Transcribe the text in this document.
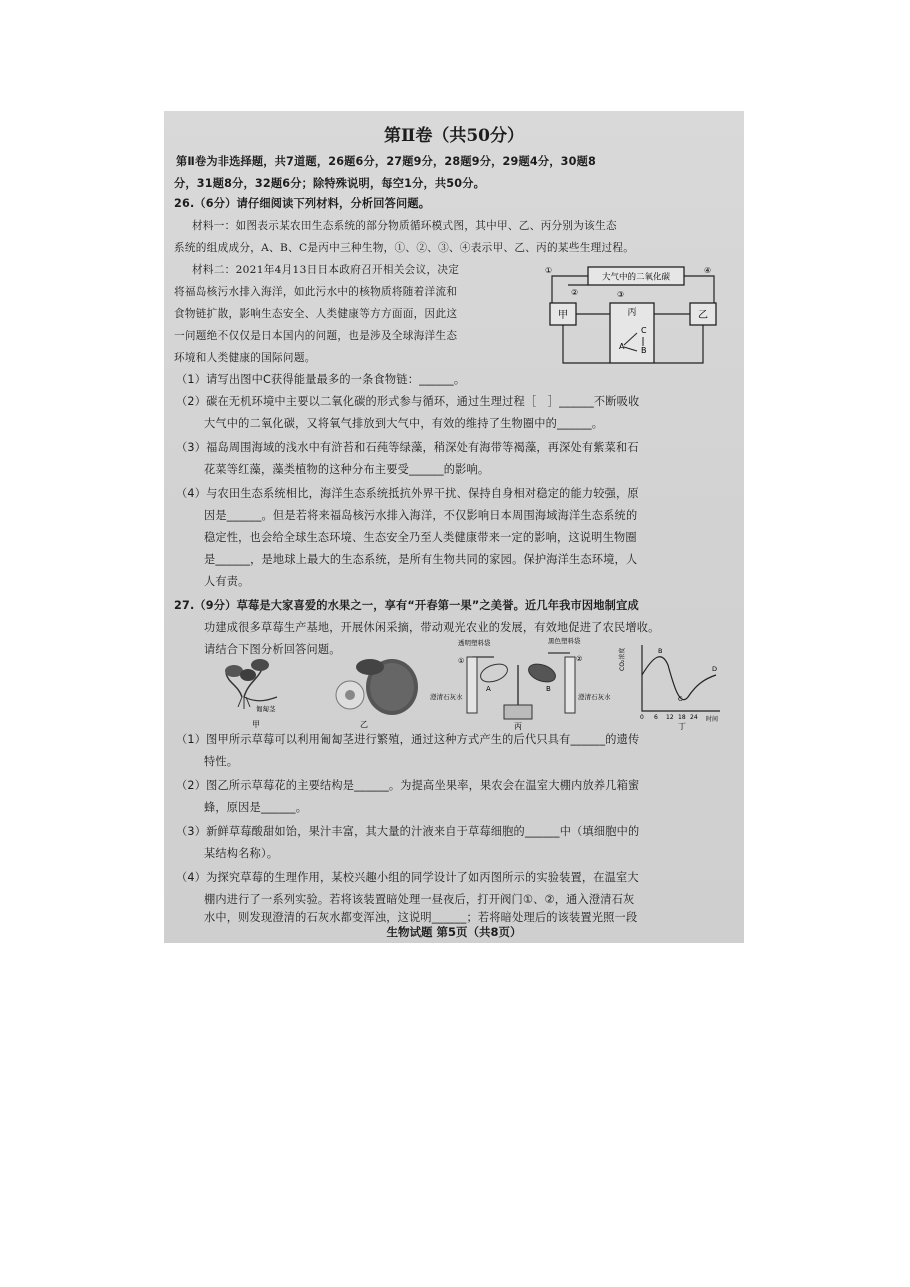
第Ⅱ卷（共50分）
第Ⅱ卷为非选择题，共7道题，26题6分，27题9分，28题9分，29题4分，30题8
分，31题8分，32题6分；除特殊说明，每空1分，共50分。
26.（6分）请仔细阅读下列材料，分析回答问题。
材料一：如图表示某农田生态系统的部分物质循环模式图，其中甲、乙、丙分别为该生态
系统的组成成分，A、B、C是丙中三种生物，①、②、③、④表示甲、乙、丙的某些生理过程。
材料二：2021年4月13日日本政府召开相关会议，决定
将福岛核污水排入海洋，如此污水中的核物质将随着洋流和
食物链扩散，影响生态安全、人类健康等方方面面，因此这
一问题绝不仅仅是日本国内的问题，也是涉及全球海洋生态
环境和人类健康的国际问题。
大气中的二氧化碳
甲	乙
丙
A B
C
①
②	③
④
（1）请写出图中C获得能量最多的一条食物链：______。
（2）碳在无机环境中主要以二氧化碳的形式参与循环，通过生理过程［　］______不断吸收
大气中的二氧化碳，又将氧气排放到大气中，有效的维持了生物圈中的______。
（3）福岛周围海域的浅水中有浒苔和石莼等绿藻，稍深处有海带等褐藻，再深处有紫菜和石
花菜等红藻，藻类植物的这种分布主要受______的影响。
（4）与农田生态系统相比，海洋生态系统抵抗外界干扰、保持自身相对稳定的能力较强，原
因是______。但是若将来福岛核污水排入海洋，不仅影响日本周围海域海洋生态系统的
稳定性，也会给全球生态环境、生态安全乃至人类健康带来一定的影响，这说明生物圈
是______，是地球上最大的生态系统，是所有生物共同的家园。保护海洋生态环境，人
人有责。
27.（9分）草莓是大家喜爱的水果之一，享有“开春第一果”之美誉。近几年我市因地制宜成
功建成很多草莓生产基地，开展休闲采摘，带动观光农业的发展，有效地促进了农民增收。
请结合下图分析回答问题。
匍匐茎
甲	乙
透明塑料袋	黑色塑料袋
①	②
A	B
澄清石灰水	澄清石灰水
丙
CO₂浓度
时间
0 6 12 18 24
B
C
D
丁
（1）图甲所示草莓可以利用匍匐茎进行繁殖，通过这种方式产生的后代只具有______的遗传
特性。
（2）图乙所示草莓花的主要结构是______。为提高坐果率，果农会在温室大棚内放养几箱蜜
蜂，原因是______。
（3）新鲜草莓酸甜如饴，果汁丰富，其大量的汁液来自于草莓细胞的______中（填细胞中的
某结构名称）。
（4）为探究草莓的生理作用，某校兴趣小组的同学设计了如丙图所示的实验装置，在温室大
棚内进行了一系列实验。若将该装置暗处理一昼夜后，打开阀门①、②，通入澄清石灰
水中，则发现澄清的石灰水都变浑浊，这说明______；若将暗处理后的该装置光照一段
生物试题 第5页（共8页）
